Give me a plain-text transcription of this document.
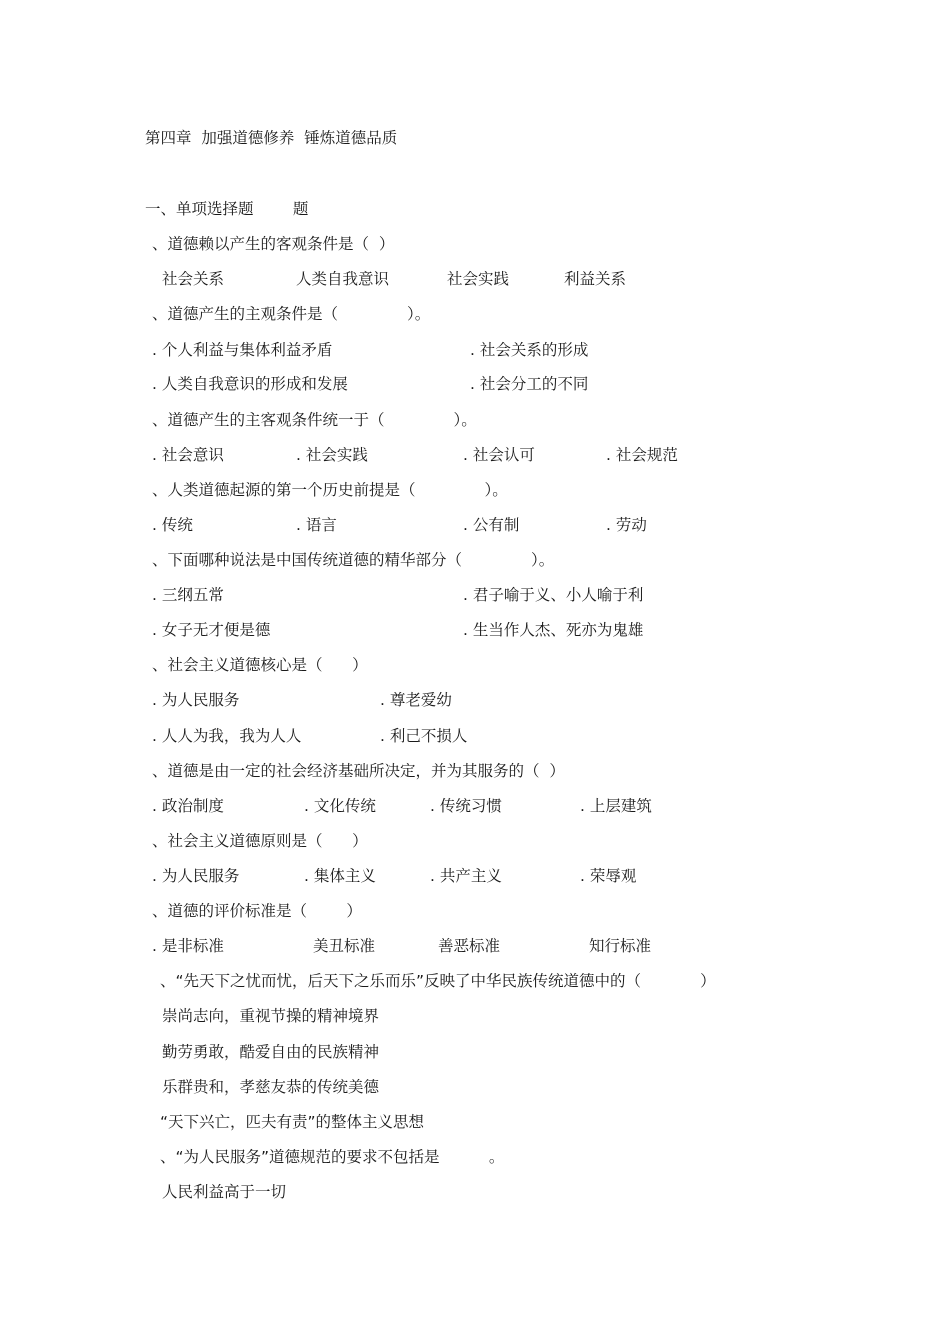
第四章  加强道德修养  锤炼道德品质
一、单项选择题        题
、道德赖以产生的客观条件是（  ）
社会关系	人类自我意识	社会实践	利益关系
、道德产生的主观条件是（              ）。
. 个人利益与集体利益矛盾	. 社会关系的形成
. 人类自我意识的形成和发展	. 社会分工的不同
、道德产生的主客观条件统一于（              ）。
. 社会意识	. 社会实践	. 社会认可	. 社会规范
、人类道德起源的第一个历史前提是（              ）。
. 传统	. 语言	. 公有制	. 劳动
、下面哪种说法是中国传统道德的精华部分（              ）。
. 三纲五常	. 君子喻于义、小人喻于利
. 女子无才便是德	. 生当作人杰、死亦为鬼雄
、社会主义道德核心是（      ）
. 为人民服务	. 尊老爱幼
. 人人为我，我为人人	. 利己不损人
、道德是由一定的社会经济基础所决定，并为其服务的（  ）
. 政治制度	. 文化传统	. 传统习惯	. 上层建筑
、社会主义道德原则是（      ）
. 为人民服务	. 集体主义	. 共产主义	. 荣辱观
、道德的评价标准是（        ）
. 是非标准	美丑标准	善恶标准	知行标准
、“先天下之忧而忧，后天下之乐而乐”反映了中华民族传统道德中的（            ）
崇尚志向，重视节操的精神境界
勤劳勇敢，酷爱自由的民族精神
乐群贵和，孝慈友恭的传统美德
“天下兴亡，匹夫有责”的整体主义思想
、“为人民服务”道德规范的要求不包括是          。
人民利益高于一切
